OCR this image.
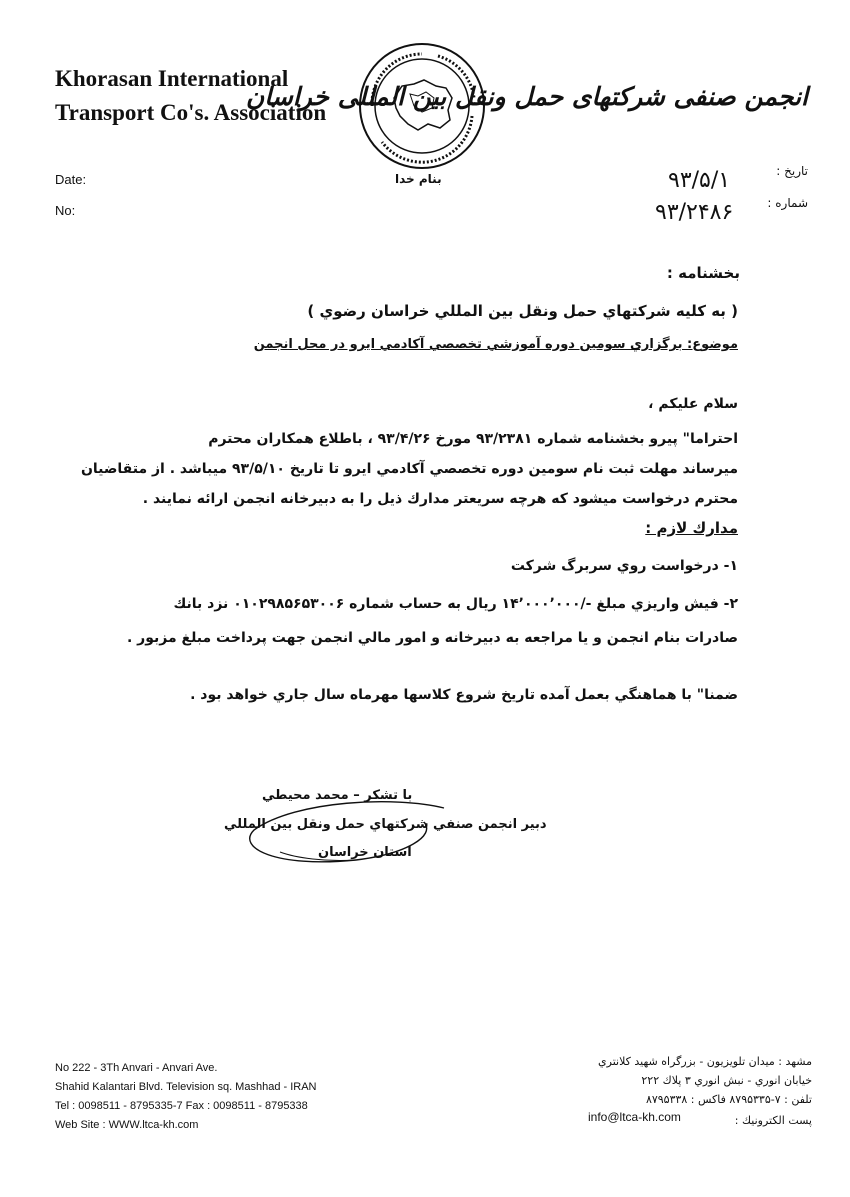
Khorasan International
Transport Co's. Association
بنام خدا
انجمن صنفی شرکتهای حمل ونقل بین المللی خراسان
Date:
No:
تاریخ :
شماره :
۹۳/۵/۱
۹۳/۲۴۸۶
بخشنامه :
( به كليه شركتهاي حمل ونقل بين المللي خراسان رضوي )
موضوع: برگزاري سومين دوره آموزشي تخصصي آكادمي ايرو در محل انجمن
سلام عليكم ،
احتراما" پيرو بخشنامه شماره ۹۳/۲۳۸۱ مورخ ۹۳/۴/۲۶ ، باطلاع همكاران محترم
ميرساند مهلت ثبت نام سومين دوره تخصصي آكادمي ايرو تا تاريخ ۹۳/۵/۱۰ ميباشد . از متقاضيان
محترم درخواست ميشود كه هرچه سريعتر مدارك ذيل را به دبيرخانه انجمن ارائه نمايند .
مدارك لازم :
۱- درخواست روي سربرگ شركت
۲- فيش واريزي مبلغ -/۱۴٬۰۰۰٬۰۰۰ ريال به حساب شماره ۰۱۰۲۹۸۵۶۵۳۰۰۶ نزد بانك
صادرات بنام انجمن و يا مراجعه به دبيرخانه و امور مالي انجمن جهت پرداخت مبلغ مزبور .
ضمنا" با هماهنگي بعمل آمده تاريخ شروع كلاسها مهرماه سال جاري خواهد بود .
با تشكر – محمد محيطي
دبير انجمن صنفي شركتهاي حمل ونقل بين المللي
استان خراسان
No 222 - 3Th Anvari - Anvari Ave.
Shahid Kalantari Blvd. Television sq. Mashhad - IRAN
Tel : 0098511 - 8795335-7 Fax : 0098511 - 8795338
Web Site : WWW.ltca-kh.com
مشهد : ميدان تلويزيون - بزرگراه شهيد كلانتري
خيابان انوري - نبش انوري ۳ پلاك ۲۲۲
تلفن : ۷-۸۷۹۵۳۳۵ فاكس : ۸۷۹۵۳۳۸
پست الكترونيك :
info@ltca-kh.com
